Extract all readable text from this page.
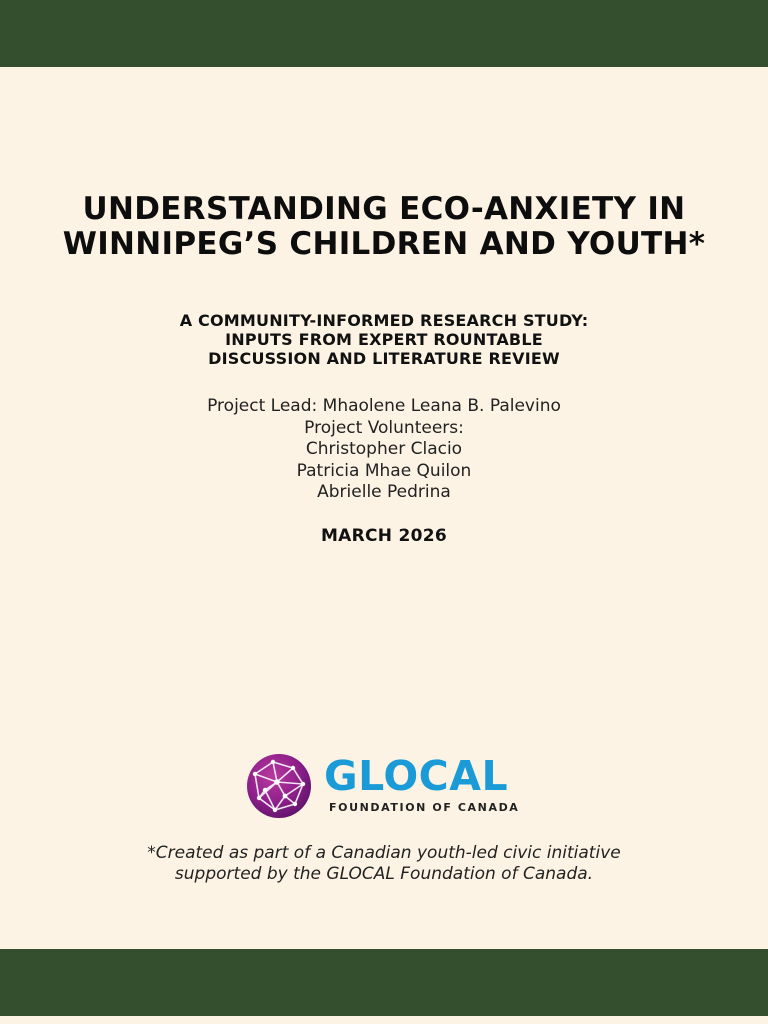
UNDERSTANDING ECO-ANXIETY IN
WINNIPEG’S CHILDREN AND YOUTH*
A COMMUNITY-INFORMED RESEARCH STUDY:
INPUTS FROM EXPERT ROUNTABLE
DISCUSSION AND LITERATURE REVIEW
Project Lead: Mhaolene Leana B. Palevino
Project Volunteers:
Christopher Clacio
Patricia Mhae Quilon
Abrielle Pedrina
MARCH 2026
GLOCAL
FOUNDATION OF CANADA
*Created as part of a Canadian youth-led civic initiative
supported by the GLOCAL Foundation of Canada.
